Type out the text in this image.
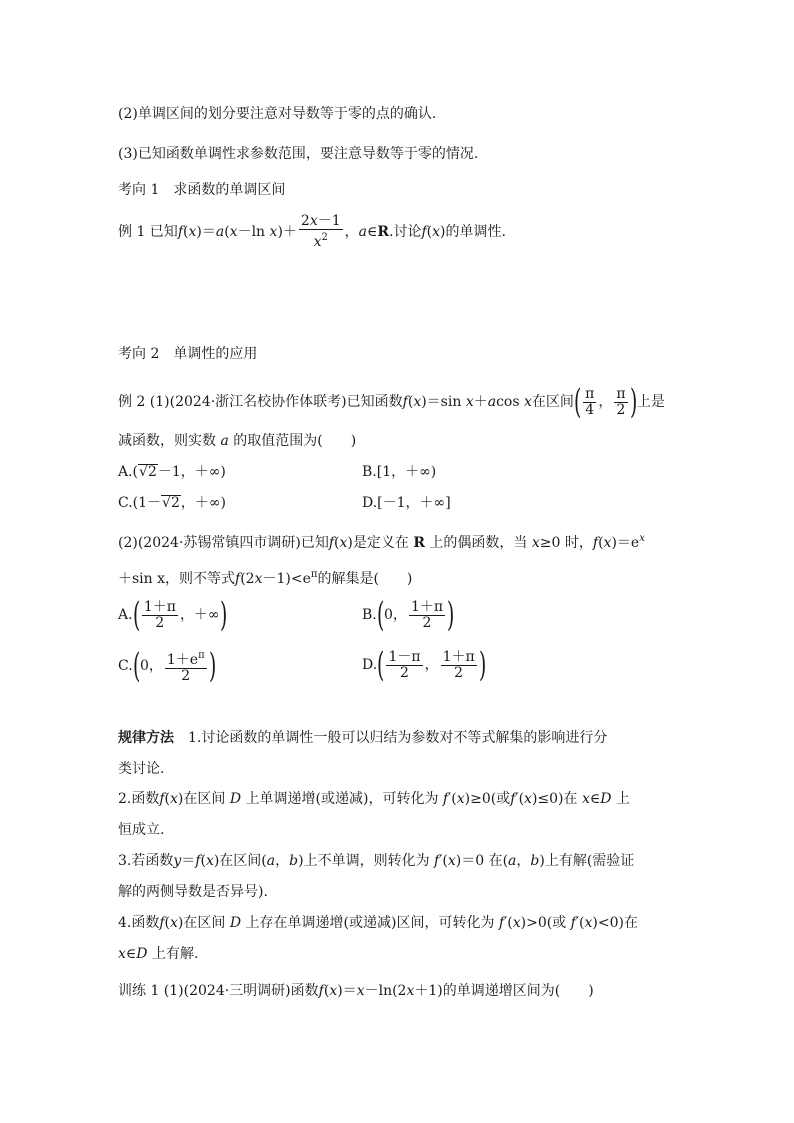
(2)单调区间的划分要注意对导数等于零的点的确认.
(3)已知函数单调性求参数范围，要注意导数等于零的情况.
考向 1　求函数的单调区间
例 1 已知f(x)＝a(x－ln $x)+ \frac{2x-1}{x^2}$ ，a∈R.讨论f(x)的单调性.
考向 2　单调性的应用
例 2 (1)(2024·浙江名校协作体联考)已知函数f(x)＝sin x＋acos x在区间( $\frac{\pi}{4}$ ， $\frac{\pi}{2}$ )上是
减函数，则实数 a 的取值范围为(　　)
A.(√2－1，＋∞)	B.[1，＋∞)
C.(1－√2，＋∞)	D.[－1，＋∞]
(2)(2024·苏锡常镇四市调研)已知f(x)是定义在 R 上的偶函数，当 x≥0 时，$f(x)=e^x$
＋sin x，则不等式$f(2x-1)<e^\pi$的解集是(　　)
$A.( \frac{1+\pi}{2}$ ，＋∞)	B.(0， $\frac{1+\pi}{2}$ )
C.(0， $\frac{1+e^\pi}{2}$ )	$D.( \frac{1-\pi}{2}$ ， $\frac{1+\pi}{2}$ )
规律方法　 1.讨论函数的单调性一般可以归结为参数对不等式解集的影响进行分
类讨论.
2.函数f(x)在区间 D 上单调递增(或递减)，可转化为 f′(x)≥0(或f′(x)≤0)在 x∈D 上
恒成立.
3.若函数y＝f(x)在区间(a，b)上不单调，则转化为 f′(x)＝0 在(a，b)上有解(需验证
解的两侧导数是否异号).
4.函数f(x)在区间 D 上存在单调递增(或递减)区间，可转化为 f′(x)>0(或 f′(x)<0)在
x∈D 上有解.
训练 1 (1)(2024·三明调研)函数f(x)＝x－ln(2x＋1)的单调递增区间为(　　)
